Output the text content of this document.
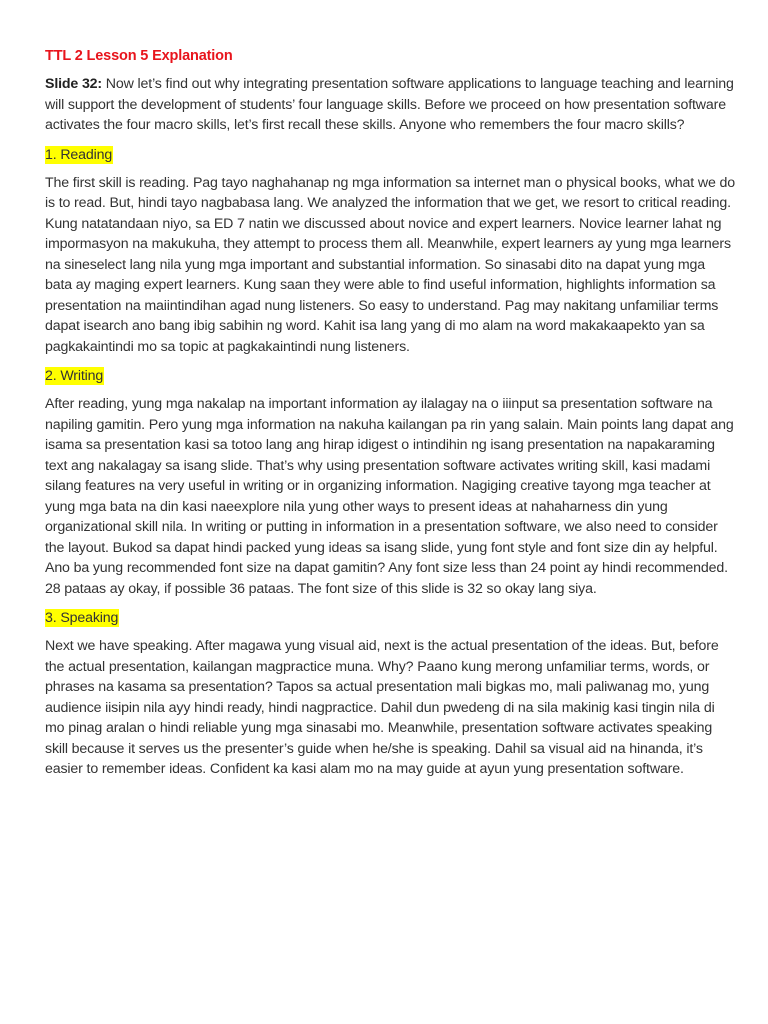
TTL 2 Lesson 5 Explanation

Slide 32: Now let’s find out why integrating presentation software applications to language teaching and learning will support the development of students’ four language skills. Before we proceed on how presentation software activates the four macro skills, let’s first recall these skills. Anyone who remembers the four macro skills?

1. Reading

The first skill is reading. Pag tayo naghahanap ng mga information sa internet man o physical books, what we do is to read. But, hindi tayo nagbabasa lang. We analyzed the information that we get, we resort to critical reading. Kung natatandaan niyo, sa ED 7 natin we discussed about novice and expert learners. Novice learner lahat ng impormasyon na makukuha, they attempt to process them all. Meanwhile, expert learners ay yung mga learners na sineselect lang nila yung mga important and substantial information. So sinasabi dito na dapat yung mga bata ay maging expert learners. Kung saan they were able to find useful information, highlights information sa presentation na maiintindihan agad nung listeners. So easy to understand. Pag may nakitang unfamiliar terms dapat isearch ano bang ibig sabihin ng word. Kahit isa lang yang di mo alam na word makakaapekto yan sa pagkakaintindi mo sa topic at pagkakaintindi nung listeners.

2. Writing

After reading, yung mga nakalap na important information ay ilalagay na o iiinput sa presentation software na napiling gamitin. Pero yung mga information na nakuha kailangan pa rin yang salain. Main points lang dapat ang isama sa presentation kasi sa totoo lang ang hirap idigest o intindihin ng isang presentation na napakaraming text ang nakalagay sa isang slide. That’s why using presentation software activates writing skill, kasi madami silang features na very useful in writing or in organizing information. Nagiging creative tayong mga teacher at yung mga bata na din kasi naeexplore nila yung other ways to present ideas at nahaharness din yung organizational skill nila. In writing or putting in information in a presentation software, we also need to consider the layout. Bukod sa dapat hindi packed yung ideas sa isang slide, yung font style and font size din ay helpful. Ano ba yung recommended font size na dapat gamitin? Any font size less than 24 point ay hindi recommended. 28 pataas ay okay, if possible 36 pataas. The font size of this slide is 32 so okay lang siya.

3. Speaking

Next we have speaking. After magawa yung visual aid, next is the actual presentation of the ideas. But, before the actual presentation, kailangan magpractice muna. Why? Paano kung merong unfamiliar terms, words, or phrases na kasama sa presentation? Tapos sa actual presentation mali bigkas mo, mali paliwanag mo, yung audience iisipin nila ayy hindi ready, hindi nagpractice. Dahil dun pwedeng di na sila makinig kasi tingin nila di mo pinag aralan o hindi reliable yung mga sinasabi mo. Meanwhile, presentation software activates speaking skill because it serves us the presenter’s guide when he/she is speaking. Dahil sa visual aid na hinanda, it’s easier to remember ideas. Confident ka kasi alam mo na may guide at ayun yung presentation software.
